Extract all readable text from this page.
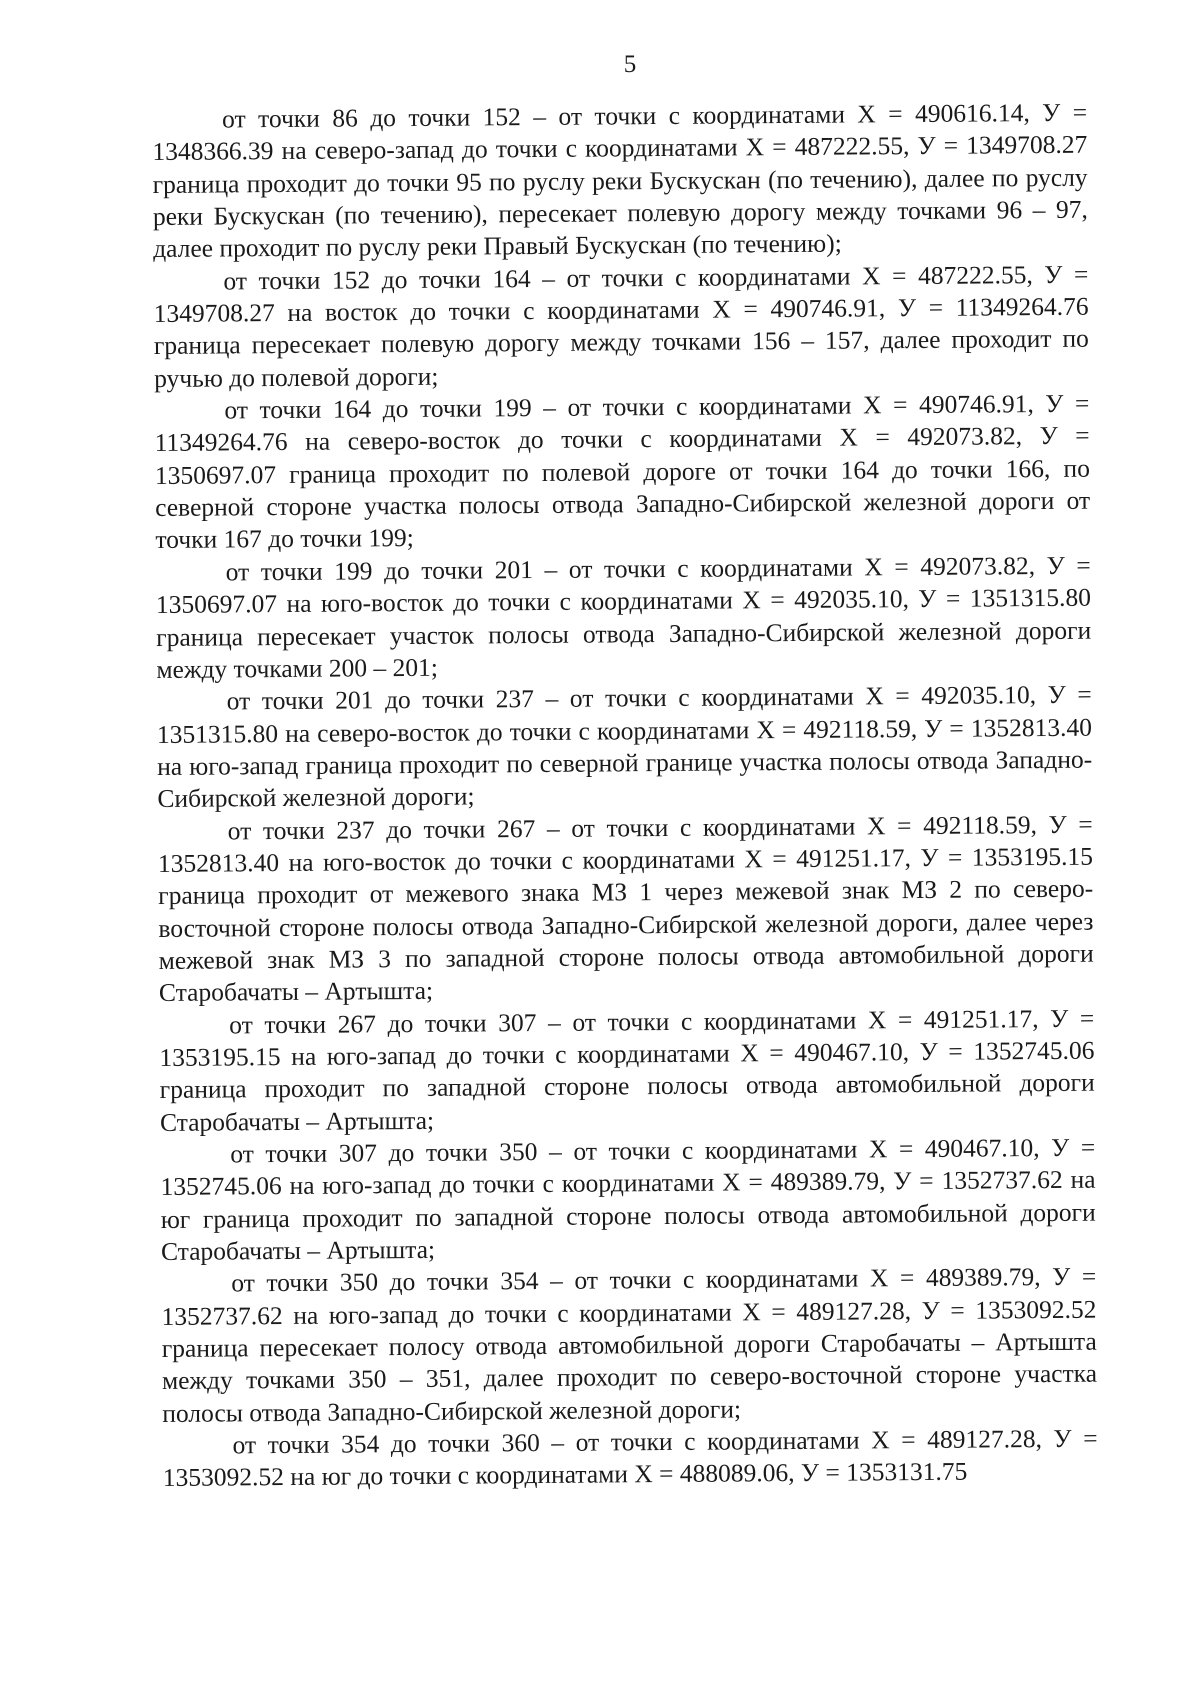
5

от точки 86 до точки 152 – от точки с координатами Х = 490616.14, У = 1348366.39 на северо-запад до точки с координатами Х = 487222.55, У = 1349708.27 граница проходит до точки 95 по руслу реки Бускускан (по течению), далее по руслу реки Бускускан (по течению), пересекает полевую дорогу между точками 96 – 97, далее проходит по руслу реки Правый Бускускан (по течению);

от точки 152 до точки 164 – от точки с координатами Х = 487222.55, У = 1349708.27 на восток до точки с координатами Х = 490746.91, У = 11349264.76 граница пересекает полевую дорогу между точками 156 – 157, далее проходит по ручью до полевой дороги;

от точки 164 до точки 199 – от точки с координатами Х = 490746.91, У = 11349264.76 на северо-восток до точки с координатами Х = 492073.82, У = 1350697.07 граница проходит по полевой дороге от точки 164 до точки 166, по северной стороне участка полосы отвода Западно-Сибирской железной дороги от точки 167 до точки 199;

от точки 199 до точки 201 – от точки с координатами Х = 492073.82, У = 1350697.07 на юго-восток до точки с координатами Х = 492035.10, У = 1351315.80 граница пересекает участок полосы отвода Западно-Сибирской железной дороги между точками 200 – 201;

от точки 201 до точки 237 – от точки с координатами Х = 492035.10, У = 1351315.80 на северо-восток до точки с координатами Х = 492118.59, У = 1352813.40 на юго-запад граница проходит по северной границе участка полосы отвода Западно-Сибирской железной дороги;

от точки 237 до точки 267 – от точки с координатами Х = 492118.59, У = 1352813.40 на юго-восток до точки с координатами Х = 491251.17, У = 1353195.15 граница проходит от межевого знака МЗ 1 через межевой знак МЗ 2 по северо-восточной стороне полосы отвода Западно-Сибирской железной дороги, далее через межевой знак МЗ 3 по западной стороне полосы отвода автомобильной дороги Старобачаты – Артышта;

от точки 267 до точки 307 – от точки с координатами Х = 491251.17, У = 1353195.15 на юго-запад до точки с координатами Х = 490467.10, У = 1352745.06 граница проходит по западной стороне полосы отвода автомобильной дороги Старобачаты – Артышта;

от точки 307 до точки 350 – от точки с координатами Х = 490467.10, У = 1352745.06 на юго-запад до точки с координатами Х = 489389.79, У = 1352737.62 на юг граница проходит по западной стороне полосы отвода автомобильной дороги Старобачаты – Артышта;

от точки 350 до точки 354 – от точки с координатами Х = 489389.79, У = 1352737.62 на юго-запад до точки с координатами Х = 489127.28, У = 1353092.52 граница пересекает полосу отвода автомобильной дороги Старобачаты – Артышта между точками 350 – 351, далее проходит по северо-восточной стороне участка полосы отвода Западно-Сибирской железной дороги;

от точки 354 до точки 360 – от точки с координатами Х = 489127.28, У = 1353092.52 на юг до точки с координатами Х = 488089.06, У = 1353131.75
